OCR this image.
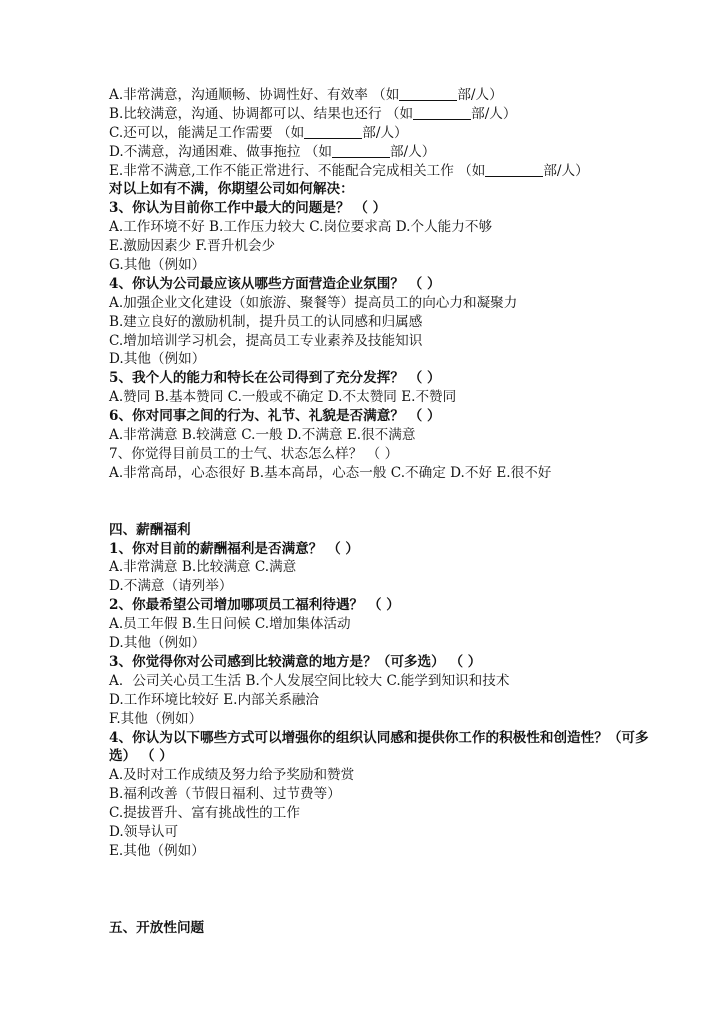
A.非常满意，沟通顺畅、协调性好、有效率 （如	部/人）
B.比较满意，沟通、协调都可以、结果也还行 （如	部/人）
C.还可以，能满足工作需要 （如	部/人）
D.不满意，沟通困难、做事拖拉 （如	部/人）
E.非常不满意,工作不能正常进行、不能配合完成相关工作 （如	部/人）
对以上如有不满，你期望公司如何解决：
3、你认为目前你工作中最大的问题是？ （ ）
A.工作环境不好 B.工作压力较大 C.岗位要求高 D.个人能力不够
E.激励因素少 F.晋升机会少
G.其他（例如）
4、你认为公司最应该从哪些方面营造企业氛围？ （ ）
A.加强企业文化建设（如旅游、聚餐等）提高员工的向心力和凝聚力
B.建立良好的激励机制，提升员工的认同感和归属感
C.增加培训学习机会，提高员工专业素养及技能知识
D.其他（例如）
5、我个人的能力和特长在公司得到了充分发挥？ （ ）
A.赞同 B.基本赞同 C.一般或不确定 D.不太赞同 E.不赞同
6、你对同事之间的行为、礼节、礼貌是否满意？ （ ）
A.非常满意 B.较满意 C.一般 D.不满意 E.很不满意
7、你觉得目前员工的士气、状态怎么样？ （ ）
A.非常高昂，心态很好 B.基本高昂，心态一般 C.不确定 D.不好 E.很不好
四、薪酬福利
1、你对目前的薪酬福利是否满意？ （ ）
A.非常满意 B.比较满意 C.满意
D.不满意（请列举）
2、你最希望公司增加哪项员工福利待遇？ （ ）
A.员工年假 B.生日问候 C.增加集体活动
D.其他（例如）
3、你觉得你对公司感到比较满意的地方是？（可多选） （ ）
A．公司关心员工生活 B.个人发展空间比较大 C.能学到知识和技术
D.工作环境比较好 E.内部关系融洽
F.其他（例如）
4、你认为以下哪些方式可以增强你的组织认同感和提供你工作的积极性和创造性？（可多选） （ ）
A.及时对工作成绩及努力给予奖励和赞赏
B.福利改善（节假日福利、过节费等）
C.提拔晋升、富有挑战性的工作
D.领导认可
E.其他（例如）
五、开放性问题
